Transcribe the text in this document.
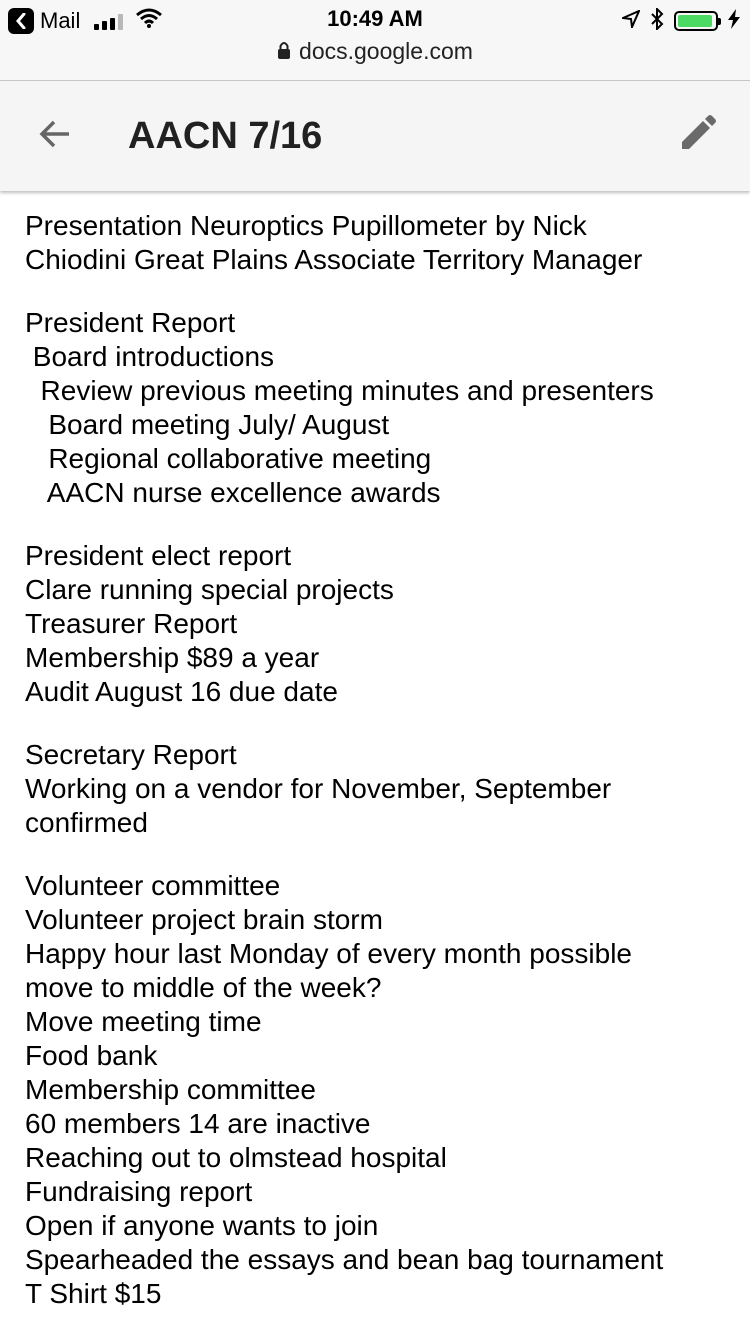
Mail	10:49 AM
docs.google.com
AACN 7/16
Presentation Neuroptics Pupillometer by Nick
Chiodini Great Plains Associate Territory Manager
President Report
Board introductions
Review previous meeting minutes and presenters
Board meeting July/ August
Regional collaborative meeting
AACN nurse excellence awards
President elect report
Clare running special projects
Treasurer Report
Membership $89 a year
Audit August 16 due date
Secretary Report
Working on a vendor for November, September
confirmed
Volunteer committee
Volunteer project brain storm
Happy hour last Monday of every month possible
move to middle of the week?
Move meeting time
Food bank
Membership committee
60 members 14 are inactive
Reaching out to olmstead hospital
Fundraising report
Open if anyone wants to join
Spearheaded the essays and bean bag tournament
T Shirt $15
